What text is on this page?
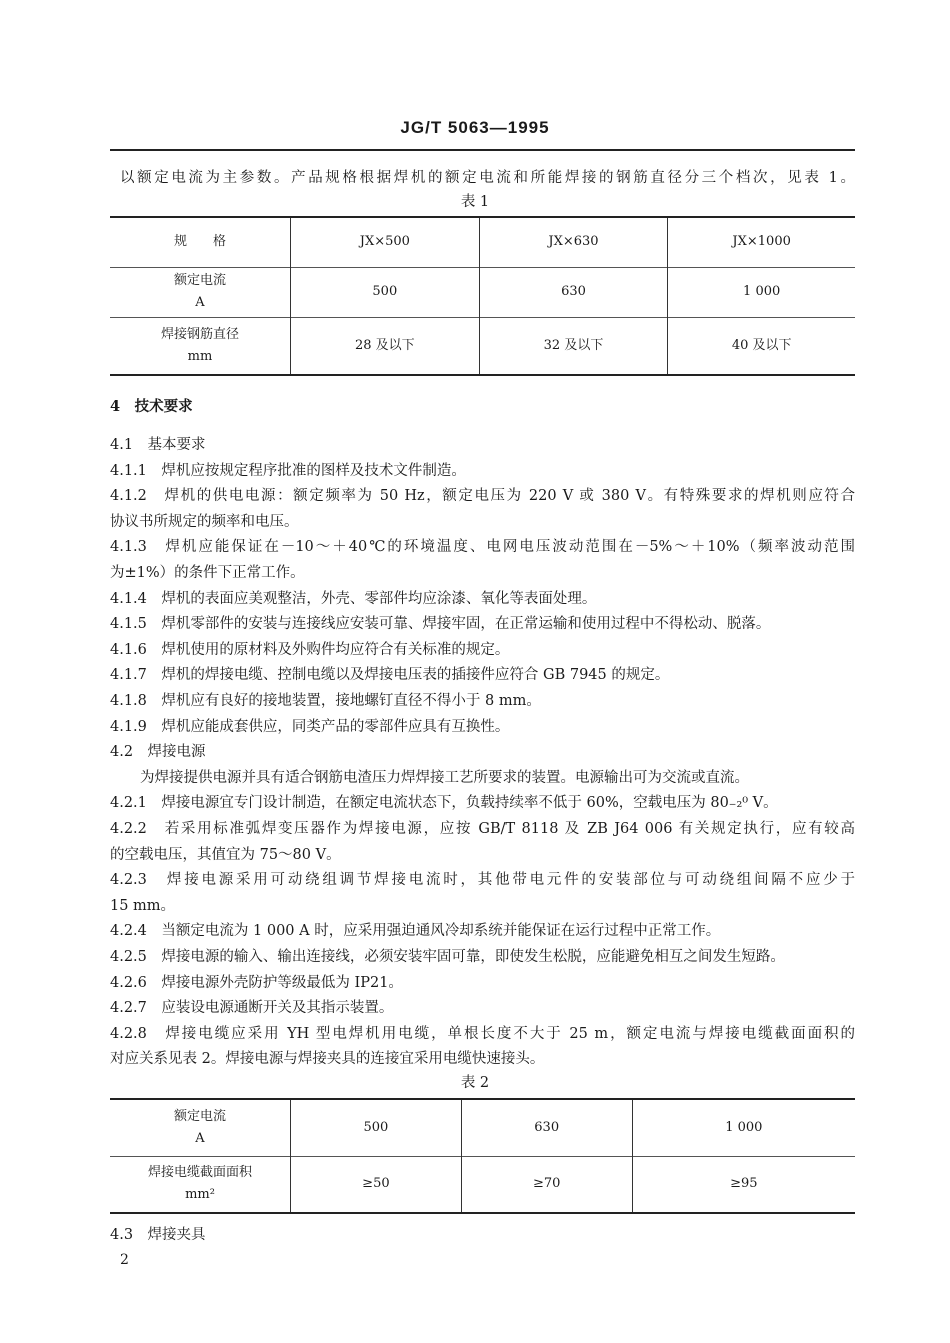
JG/T 5063—1995
以额定电流为主参数。产品规格根据焊机的额定电流和所能焊接的钢筋直径分三个档次，见表 1。
表 1
规　　格	JX×500	JX×630	JX×1000

额定电流
A	500	630	1 000

焊接钢筋直径
mm	28 及以下	32 及以下	40 及以下
4　技术要求
4.1　基本要求
4.1.1　焊机应按规定程序批准的图样及技术文件制造。
4.1.2　焊机的供电电源：额定频率为 50 Hz，额定电压为 220 V 或 380 V。有特殊要求的焊机则应符合
协议书所规定的频率和电压。
4.1.3　焊机应能保证在－10～＋40℃的环境温度、电网电压波动范围在－5%～＋10%（频率波动范围
为±1%）的条件下正常工作。
4.1.4　焊机的表面应美观整洁，外壳、零部件均应涂漆、氧化等表面处理。
4.1.5　焊机零部件的安装与连接线应安装可靠、焊接牢固，在正常运输和使用过程中不得松动、脱落。
4.1.6　焊机使用的原材料及外购件均应符合有关标准的规定。
4.1.7　焊机的焊接电缆、控制电缆以及焊接电压表的插接件应符合 GB 7945 的规定。
4.1.8　焊机应有良好的接地装置，接地螺钉直径不得小于 8 mm。
4.1.9　焊机应能成套供应，同类产品的零部件应具有互换性。
4.2　焊接电源
为焊接提供电源并具有适合钢筋电渣压力焊焊接工艺所要求的装置。电源输出可为交流或直流。
4.2.1　焊接电源宜专门设计制造，在额定电流状态下，负载持续率不低于 60%，空载电压为 80₋₂⁰ V。
4.2.2　若采用标准弧焊变压器作为焊接电源，应按 GB/T 8118 及 ZB J64 006 有关规定执行，应有较高
的空载电压，其值宜为 75～80 V。
4.2.3　焊接电源采用可动绕组调节焊接电流时，其他带电元件的安装部位与可动绕组间隔不应少于
15 mm。
4.2.4　当额定电流为 1 000 A 时，应采用强迫通风冷却系统并能保证在运行过程中正常工作。
4.2.5　焊接电源的输入、输出连接线，必须安装牢固可靠，即使发生松脱，应能避免相互之间发生短路。
4.2.6　焊接电源外壳防护等级最低为 IP21。
4.2.7　应装设电源通断开关及其指示装置。
4.2.8　焊接电缆应采用 YH 型电焊机用电缆，单根长度不大于 25 m，额定电流与焊接电缆截面面积的
对应关系见表 2。焊接电源与焊接夹具的连接宜采用电缆快速接头。
表 2
额定电流
A	500	630	1 000

焊接电缆截面面积
mm²	≥50	≥70	≥95
4.3　焊接夹具
2
